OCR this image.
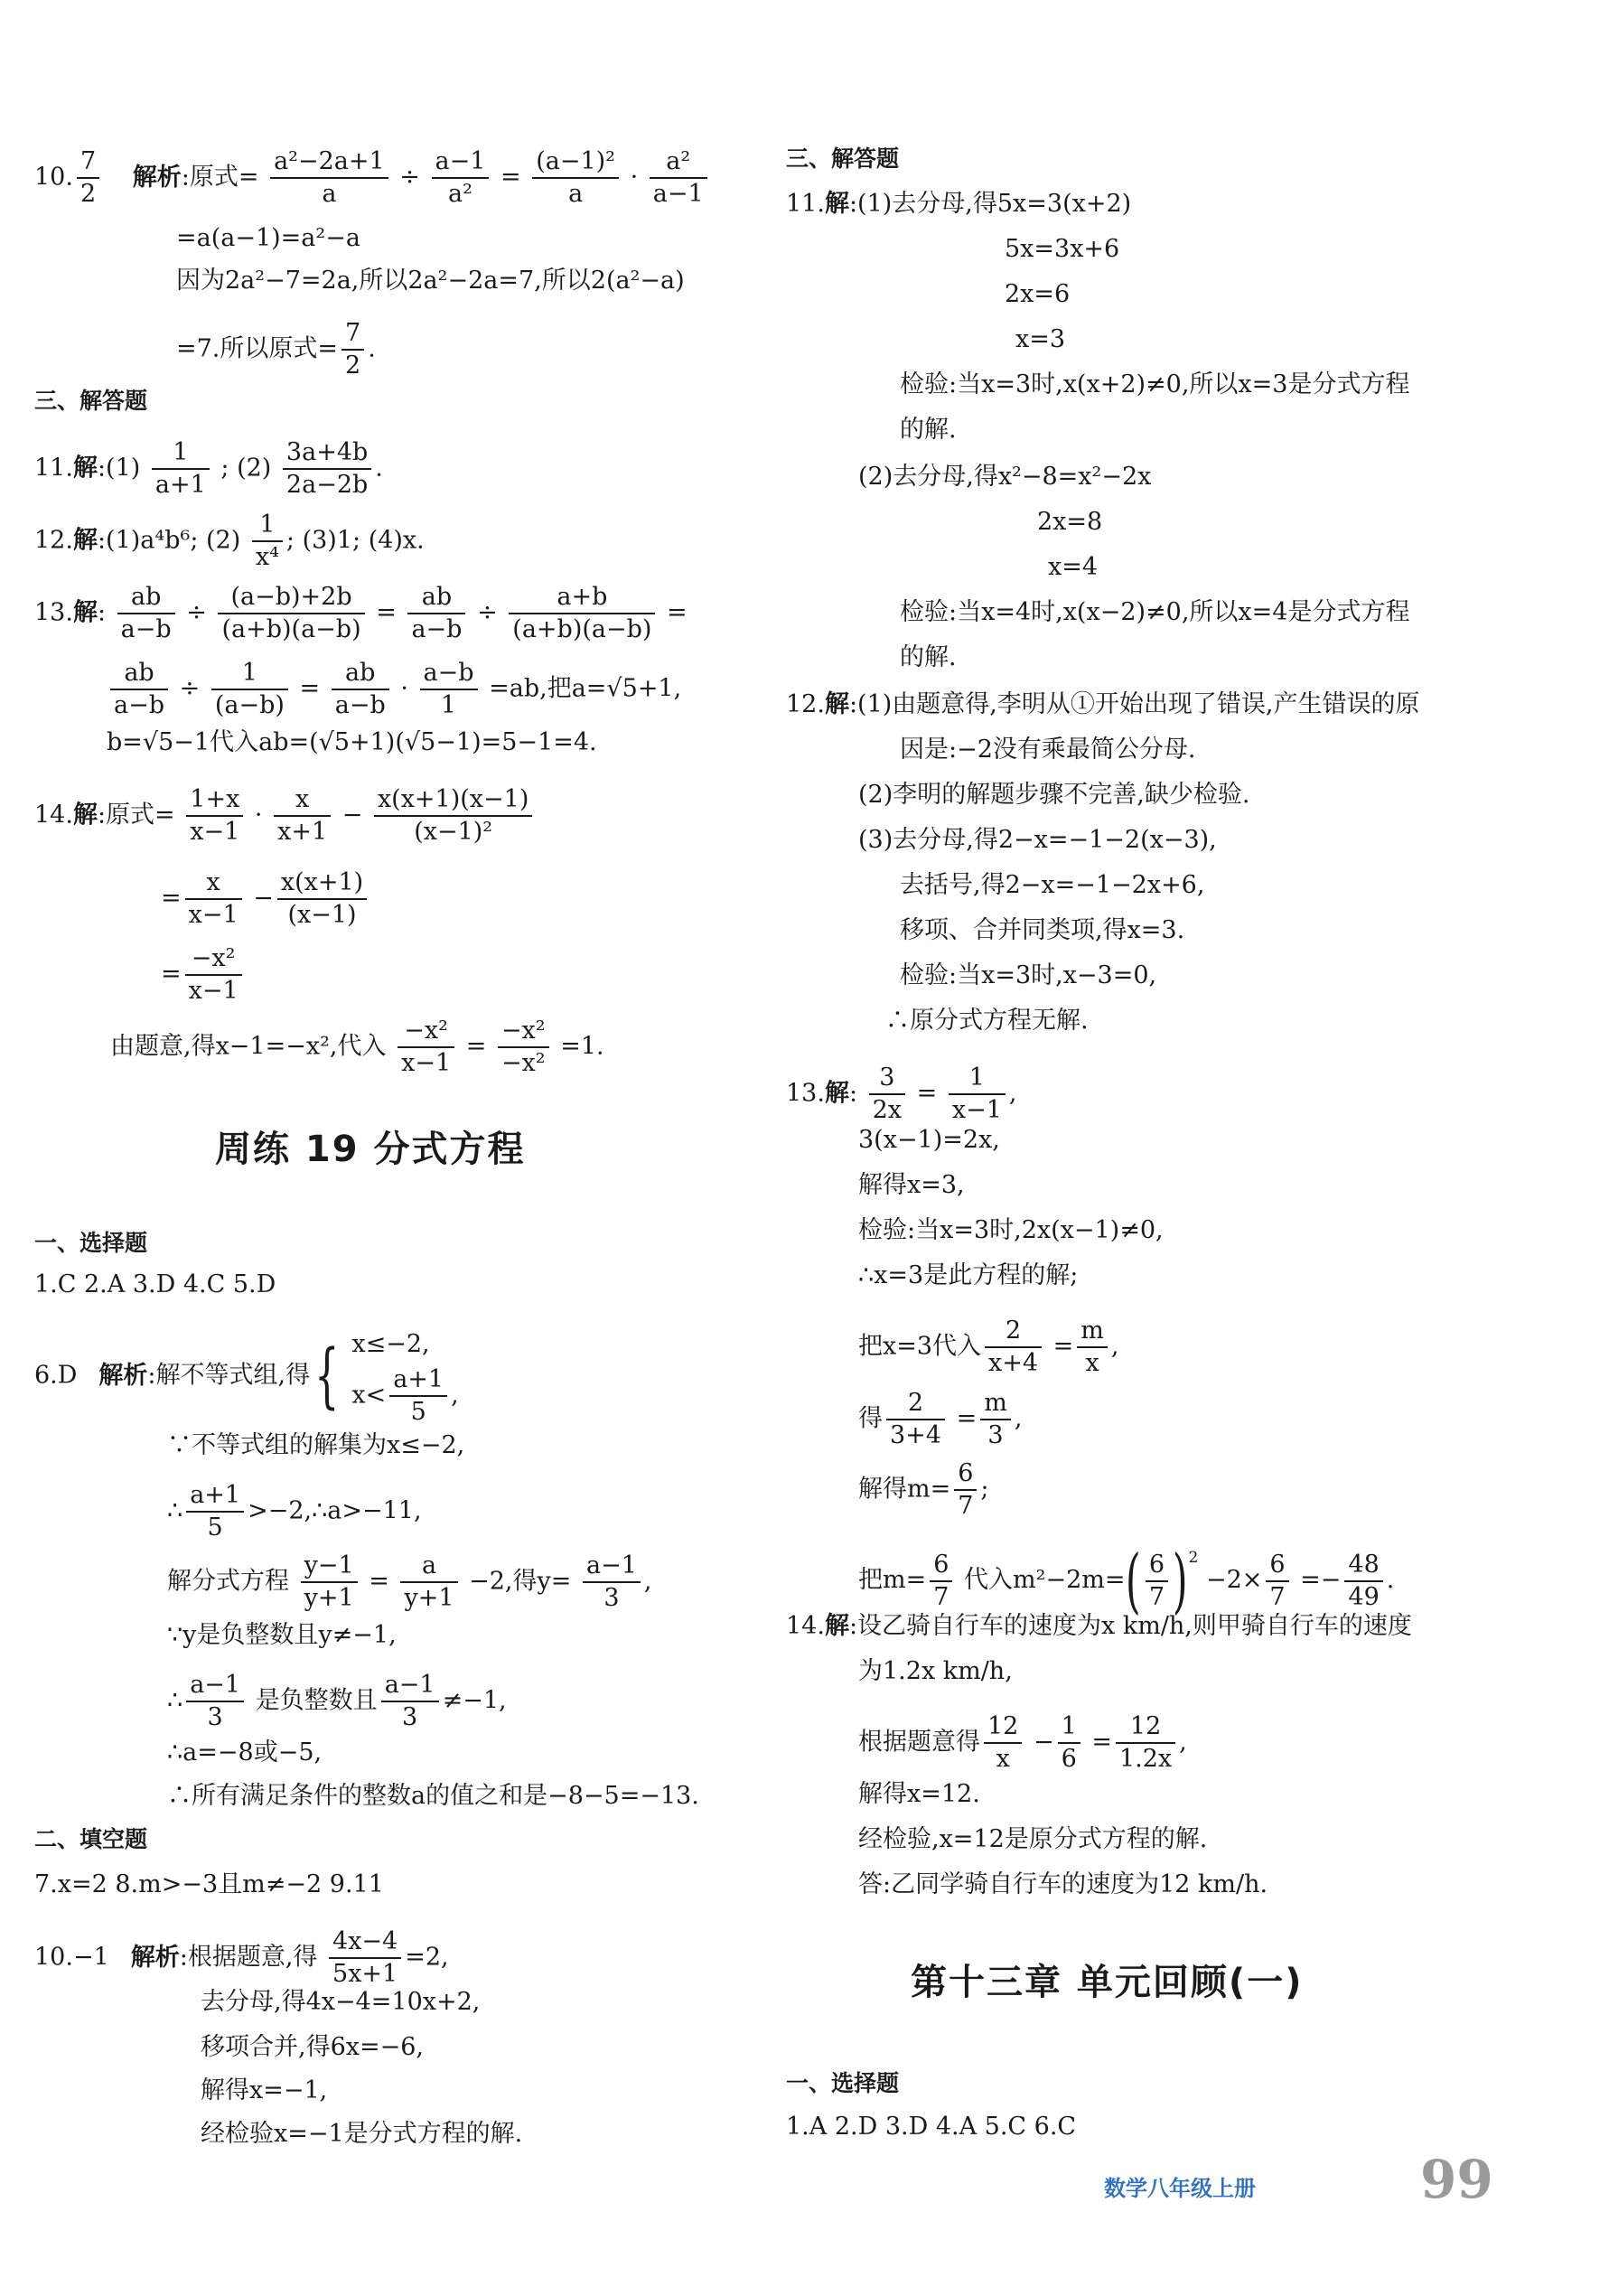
10. $\frac{7}{2}$ 解析:原式= $\frac{\text{a²−2a+1}}{a} \div \frac{a-1}{\text{a²}} = \frac{\text{(a−1)²}}{a} \cdot \frac{\text{a²}}{a-1}$
=a(a−1)=a²−a
因为2a²−7=2a,所以2a²−2a=7,所以2(a²−a)
=7.所以原式= $\frac{7}{2}$ .
三、解答题
11.解:(1) $\frac{1}{a+1}$ ; $(2) \frac{3a+4b}{2a-2b}$ .
12.解:(1)a⁴b⁶; $(2) \frac{1}{\text{x⁴}}$ ; (3)1; (4)x.
13.解: $\frac{ab}{a-b} \div \frac{(a-b)+2b}{(a+b)(a-b)} = \frac{ab}{a-b} \div \frac{a+b}{(a+b)(a-b)}$ =
$\frac{ab}{a-b} \div \frac{1}{(a-b)} = \frac{ab}{a-b} \cdot \frac{a-b}{1} =ab$,把a=√5+1,
b=√5−1代入ab=(√5+1)(√5−1)=5−1=4.
14.解:原式= $\frac{1+x}{x-1} \cdot \frac{x}{x+1} - \frac{x(x+1)(x-1)}{\text{(x−1)²}}$
= $\frac{x}{x-1} - \frac{x(x+1)}{(x-1)}$
= $\frac{\text{−x²}}{x-1}$
由题意,得x−1=−x²,代入 $\frac{\text{−x²}}{x-1} = \frac{\text{−x²}}{\text{−x²}} =1$.
周练 19 分式方程
一、选择题
1.C 2.A 3.D 4.C 5.D
6.D 解析:解不等式组,得{ x≤−2,
$x< \frac{a+1}{5}$ ,
∵不等式组的解集为x≤−2,
∴ $\frac{a+1}{5}$ >−2,∴a>−11,
解分式方程 $\frac{y-1}{y+1} = \frac{a}{y+1} -2$,得$y= \frac{a-1}{3}$ ,
∵y是负整数且y≠−1,
∴ $\frac{a-1}{3}$ 是负整数且 $\frac{a-1}{3} \ne-1$,
∴a=−8或−5,
∴所有满足条件的整数a的值之和是−8−5=−13.
二、填空题
7.x=2 8.m>−3且m≠−2 9.11
10.−1 解析:根据题意,得 $\frac{4x-4}{5x+1} =2$,
去分母,得4x−4=10x+2,
移项合并,得6x=−6,
解得x=−1,
经检验x=−1是分式方程的解.
三、解答题
11.解:(1)去分母,得5x=3(x+2)
5x=3x+6
2x=6
x=3
检验:当x=3时,x(x+2)≠0,所以x=3是分式方程
的解.
(2)去分母,得x²−8=x²−2x
2x=8
x=4
检验:当x=4时,x(x−2)≠0,所以x=4是分式方程
的解.
12.解:(1)由题意得,李明从①开始出现了错误,产生错误的原
因是:−2没有乘最简公分母.
(2)李明的解题步骤不完善,缺少检验.
(3)去分母,得2−x=−1−2(x−3),
去括号,得2−x=−1−2x+6,
移项、合并同类项,得x=3.
检验:当x=3时,x−3=0,
∴原分式方程无解.
13.解: $\frac{3}{2x} = \frac{1}{x-1}$ ,
3(x−1)=2x,
解得x=3,
检验:当x=3时,2x(x−1)≠0,
∴x=3是此方程的解;
把x=3代入 $\frac{2}{x+4} = \frac{m}{x}$ ,
得 $\frac{2}{3+4} = \frac{m}{3}$ ,
解得$m= \frac{6}{7}$ ;
把$m= \frac{6}{7}$ 代入$m^2-2m=( \frac{6}{7} )^2 -2\times \frac{6}{7} =- \frac{48}{49}$ .
14.解:设乙骑自行车的速度为x km/h,则甲骑自行车的速度
为1.2x km/h,
根据题意得 $\frac{12}{x} - \frac{1}{6} = \frac{12}{1.2x}$ ,
解得x=12.
经检验,x=12是原分式方程的解.
答:乙同学骑自行车的速度为12 km/h.
第十三章 单元回顾(一)
一、选择题
1.A 2.D 3.D 4.A 5.C 6.C
数学八年级上册	99
